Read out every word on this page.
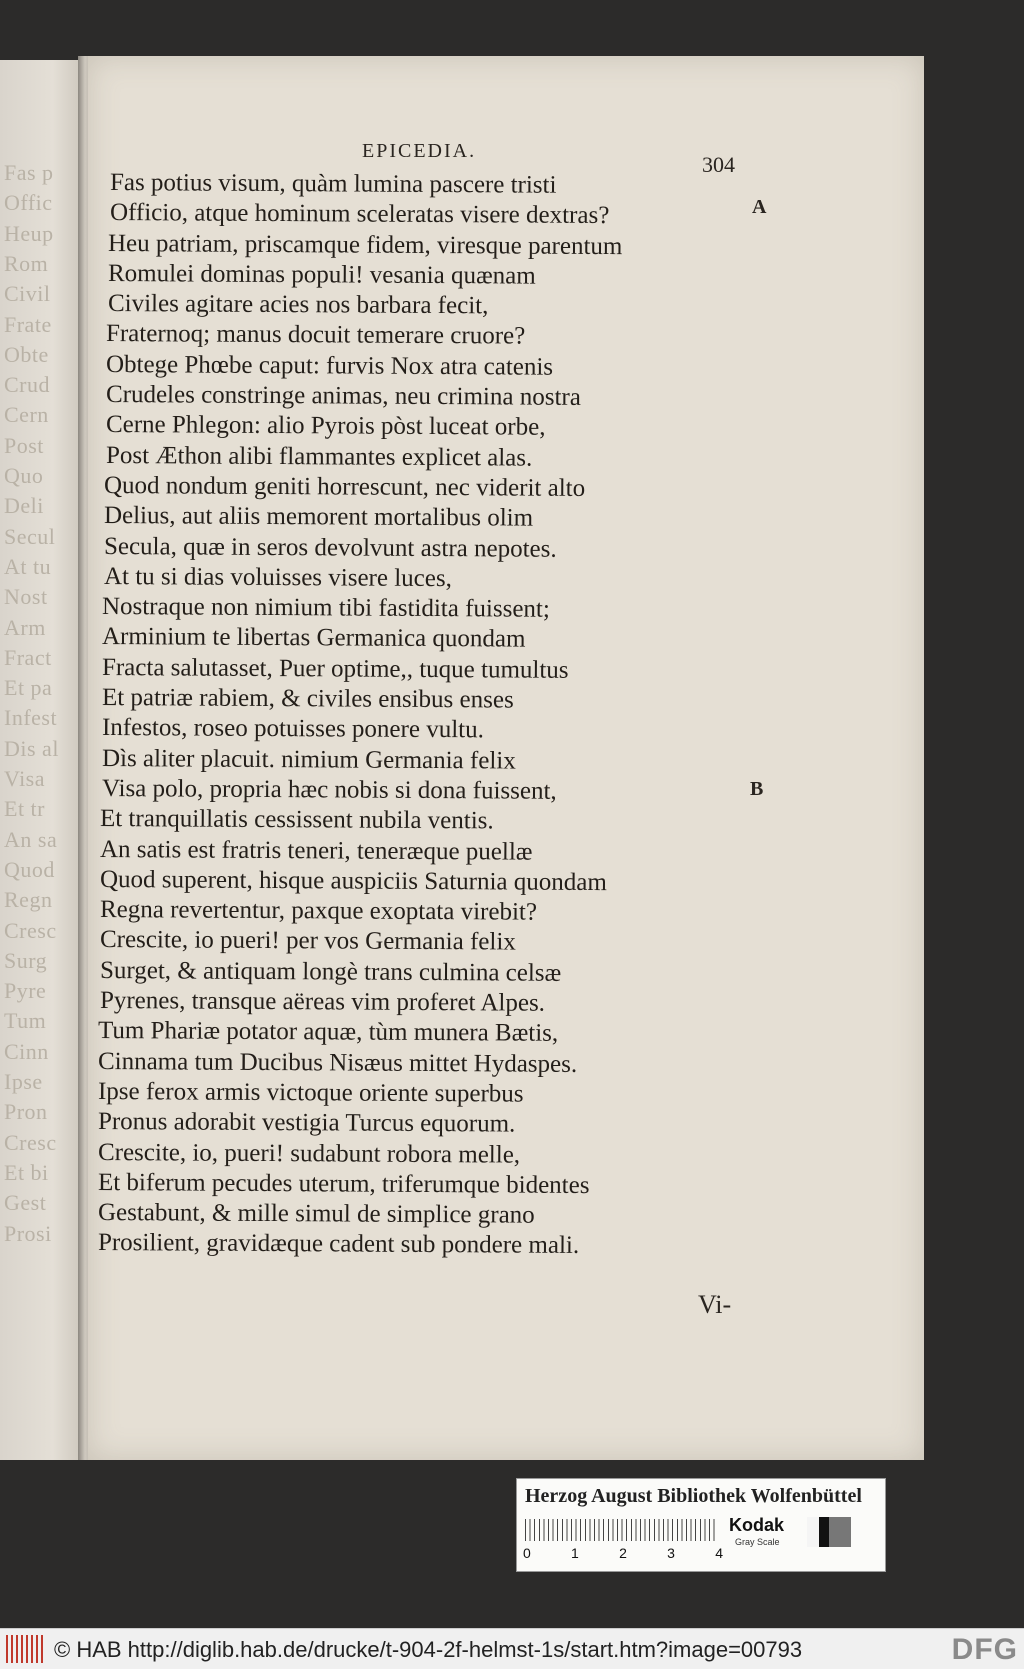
Fas p
Offic
Heup
Rom
Civil
Frate
Obte
Crud
Cern
Post
Quo
Deli
Secul
At tu
Nost
Arm
Fract
Et pa
Infest
Dis al
Visa
Et tr
An sa
Quod
Regn
Cresc
Surg
Pyre
Tum
Cinn
Ipse
Pron
Cresc
Et bi
Gest
Prosi
EPICEDIA.
304
A
B
Fas potius visum, quàm lumina pascere tristi
Officio, atque hominum sceleratas visere dextras?
Heu patriam, priscamque fidem, viresque parentum
Romulei dominas populi! vesania quænam
Civiles agitare acies nos barbara fecit,
Fraternoq; manus docuit temerare cruore?
Obtege Phœbe caput: furvis Nox atra catenis
Crudeles constringe animas, neu crimina nostra
Cerne Phlegon: alio Pyrois pòst luceat orbe,
Post Æthon alibi flammantes explicet alas.
Quod nondum geniti horrescunt, nec viderit alto
Delius, aut aliis memorent mortalibus olim
Secula, quæ in seros devolvunt astra nepotes.
At tu si dias voluisses visere luces,
Nostraque non nimium tibi fastidita fuissent;
Arminium te libertas Germanica quondam
Fracta salutasset, Puer optime,, tuque tumultus
Et patriæ rabiem, & civiles ensibus enses
Infestos, roseo potuisses ponere vultu.
Dìs aliter placuit. nimium Germania felix
Visa polo, propria hæc nobis si dona fuissent,
Et tranquillatis cessissent nubila ventis.
An satis est fratris teneri, teneræque puellæ
Quod superent, hisque auspiciis Saturnia quondam
Regna revertentur, paxque exoptata virebit?
Crescite, io pueri! per vos Germania felix
Surget, & antiquam longè trans culmina celsæ
Pyrenes, transque aëreas vim proferet Alpes.
Tum Phariæ potator aquæ, tùm munera Bætis,
Cinnama tum Ducibus Nisæus mittet Hydaspes.
Ipse ferox armis victoque oriente superbus
Pronus adorabit vestigia Turcus equorum.
Crescite, io, pueri! sudabunt robora melle,
Et biferum pecudes uterum, triferumque bidentes
Gestabunt, & mille simul de simplice grano
Prosilient, gravidæque cadent sub pondere mali.
Vi-
Herzog August Bibliothek Wolfenbüttel
0	1	2	3	4
Kodak
Gray Scale
© HAB http://diglib.hab.de/drucke/t-904-2f-helmst-1s/start.htm?image=00793	DFG
